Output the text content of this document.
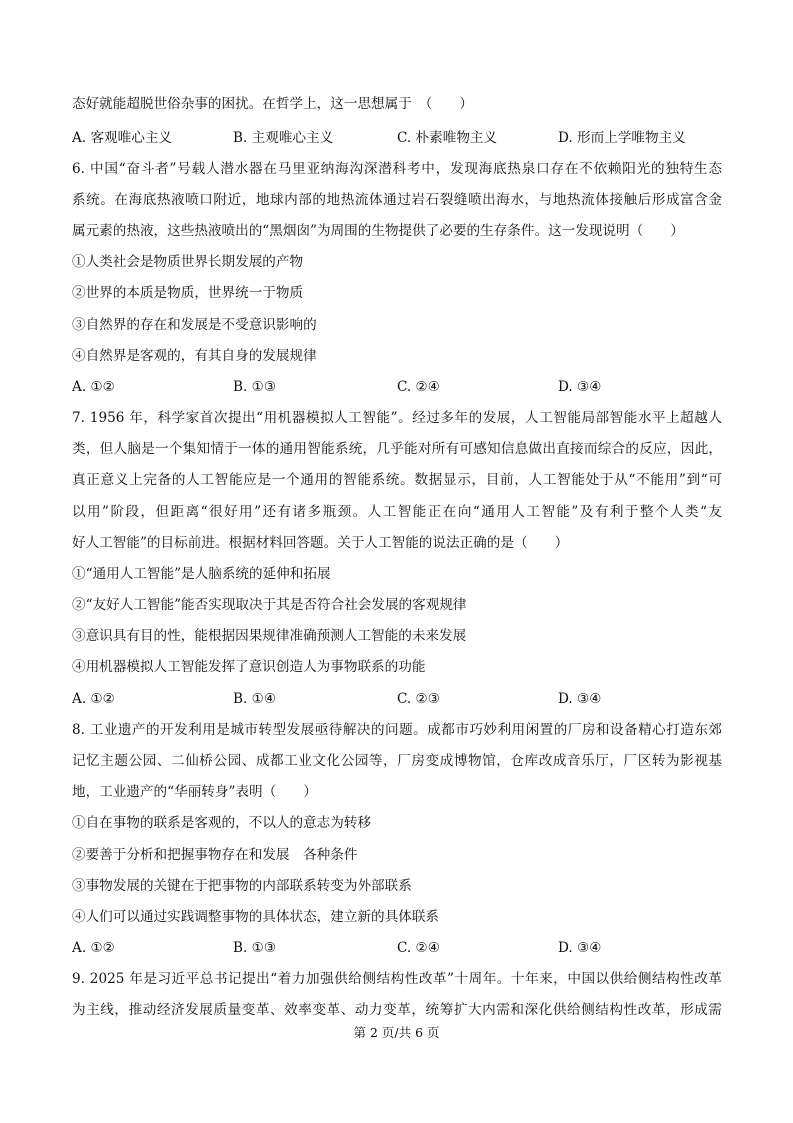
态好就能超脱世俗杂事的困扰。在哲学上，这一思想属于　（　　）
A. 客观唯心主义	B. 主观唯心主义	C. 朴素唯物主义	D. 形而上学唯物主义
6. 中国“奋斗者”号载人潜水器在马里亚纳海沟深潜科考中，发现海底热泉口存在不依赖阳光的独特生态
系统。在海底热液喷口附近，地球内部的地热流体通过岩石裂缝喷出海水，与地热流体接触后形成富含金
属元素的热液，这些热液喷出的“黑烟囱”为周围的生物提供了必要的生存条件。这一发现说明（　　）
①人类社会是物质世界长期发展的产物
②世界的本质是物质，世界统一于物质
③自然界的存在和发展是不受意识影响的
④自然界是客观的，有其自身的发展规律
A. ①②	B. ①③	C. ②④	D. ③④
7. 1956 年，科学家首次提出“用机器模拟人工智能”。经过多年的发展，人工智能局部智能水平上超越人
类，但人脑是一个集知情于一体的通用智能系统，几乎能对所有可感知信息做出直接而综合的反应，因此，
真正意义上完备的人工智能应是一个通用的智能系统。数据显示，目前，人工智能处于从“不能用”到“可
以用”阶段，但距离“很好用”还有诸多瓶颈。人工智能正在向“通用人工智能”及有利于整个人类“友
好人工智能”的目标前进。根据材料回答题。关于人工智能的说法正确的是（　　）
①“通用人工智能”是人脑系统的延伸和拓展
②“友好人工智能”能否实现取决于其是否符合社会发展的客观规律
③意识具有目的性，能根据因果规律准确预测人工智能的未来发展
④用机器模拟人工智能发挥了意识创造人为事物联系的功能
A. ①②	B. ①④	C. ②③	D. ③④
8. 工业遗产的开发利用是城市转型发展亟待解决的问题。成都市巧妙利用闲置的厂房和设备精心打造东郊
记忆主题公园、二仙桥公园、成都工业文化公园等，厂房变成博物馆，仓库改成音乐厅，厂区转为影视基
地，工业遗产的“华丽转身”表明（　　）
①自在事物的联系是客观的，不以人的意志为转移
②要善于分析和把握事物存在和发展　各种条件
③事物发展的关键在于把事物的内部联系转变为外部联系
④人们可以通过实践调整事物的具体状态，建立新的具体联系
A. ①②	B. ①③	C. ②④	D. ③④
9. 2025 年是习近平总书记提出“着力加强供给侧结构性改革”十周年。十年来，中国以供给侧结构性改革
为主线，推动经济发展质量变革、效率变革、动力变革，统筹扩大内需和深化供给侧结构性改革，形成需
第 2 页/共 6 页
